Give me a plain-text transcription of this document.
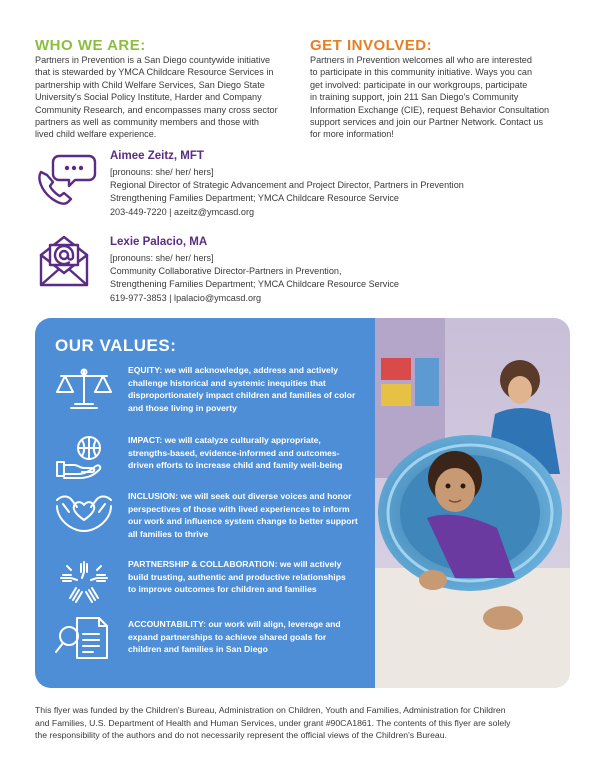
WHO WE ARE:
Partners in Prevention is a San Diego countywide initiative
that is stewarded by YMCA Childcare Resource Services in
partnership with Child Welfare Services, San Diego State
University's Social Policy Institute, Harder and Company
Community Research, and encompasses many cross sector
partners as well as community members and those with
lived child welfare experience.
GET INVOLVED:
Partners in Prevention welcomes all who are interested
to participate in this community initiative. Ways you can
get involved: participate in our workgroups, participate
in training support, join 211 San Diego's Community
Information Exchange (CIE), request Behavior Consultation
support services and join our Partner Network. Contact us
for more information!
Aimee Zeitz, MFT
[pronouns: she/ her/ hers]
Regional Director of Strategic Advancement and Project Director, Partners in Prevention
Strengthening Families Department; YMCA Childcare Resource Service
203-449-7220 | azeitz@ymcasd.org
Lexie Palacio, MA
[pronouns: she/ her/ hers]
Community Collaborative Director-Partners in Prevention,
Strengthening Families Department; YMCA Childcare Resource Service
619-977-3853 | lpalacio@ymcasd.org
OUR VALUES:
EQUITY: we will acknowledge, address and actively
challenge historical and systemic inequities that
disproportionately impact children and families of color
and those living in poverty
IMPACT: we will catalyze culturally appropriate,
strengths-based, evidence-informed and outcomes-
driven efforts to increase child and family well-being
INCLUSION: we will seek out diverse voices and honor
perspectives of those with lived experiences to inform
our work and influence system change to better support
all families to thrive
PARTNERSHIP & COLLABORATION: we will actively
build trusting, authentic and productive relationships
to improve outcomes for children and families
ACCOUNTABILITY: our work will align, leverage and
expand partnerships to achieve shared goals for
children and families in San Diego
This flyer was funded by the Children's Bureau, Administration on Children, Youth and Families, Administration for Children
and Families, U.S. Department of Health and Human Services, under grant #90CA1861. The contents of this flyer are solely
the responsibility of the authors and do not necessarily represent the official views of the Children's Bureau.
